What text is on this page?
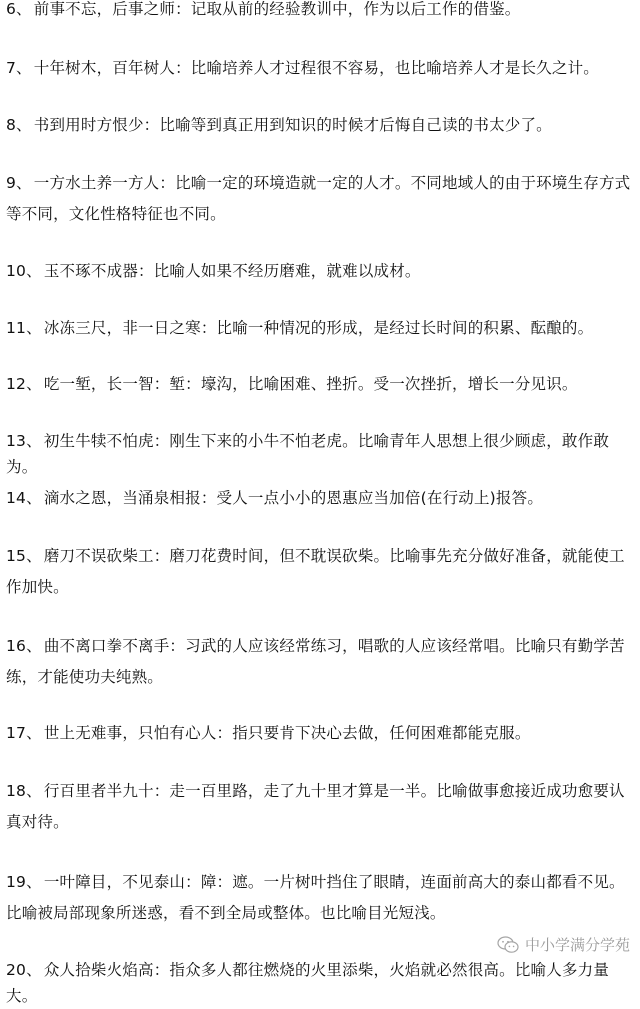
6、 前事不忘，后事之师：记取从前的经验教训中，作为以后工作的借鉴。
7、 十年树木，百年树人：比喻培养人才过程很不容易，也比喻培养人才是长久之计。
8、 书到用时方恨少：比喻等到真正用到知识的时候才后悔自己读的书太少了。
9、 一方水土养一方人：比喻一定的环境造就一定的人才。不同地域人的由于环境生存方式等不同，文化性格特征也不同。
10、 玉不琢不成器：比喻人如果不经历磨难，就难以成材。
11、 冰冻三尺，非一日之寒：比喻一种情况的形成，是经过长时间的积累、酝酿的。
12、 吃一堑，长一智：堑：壕沟，比喻困难、挫折。受一次挫折，增长一分见识。
13、 初生牛犊不怕虎：刚生下来的小牛不怕老虎。比喻青年人思想上很少顾虑，敢作敢为。
14、 滴水之恩，当涌泉相报：受人一点小小的恩惠应当加倍(在行动上)报答。
15、 磨刀不误砍柴工：磨刀花费时间，但不耽误砍柴。比喻事先充分做好准备，就能使工作加快。
16、 曲不离口拳不离手：习武的人应该经常练习，唱歌的人应该经常唱。比喻只有勤学苦练，才能使功夫纯熟。
17、 世上无难事，只怕有心人：指只要肯下决心去做，任何困难都能克服。
18、 行百里者半九十：走一百里路，走了九十里才算是一半。比喻做事愈接近成功愈要认真对待。
19、 一叶障目，不见泰山：障：遮。一片树叶挡住了眼睛，连面前高大的泰山都看不见。比喻被局部现象所迷惑，看不到全局或整体。也比喻目光短浅。
20、 众人拾柴火焰高：指众多人都往燃烧的火里添柴，火焰就必然很高。比喻人多力量大。
中小学满分学苑
